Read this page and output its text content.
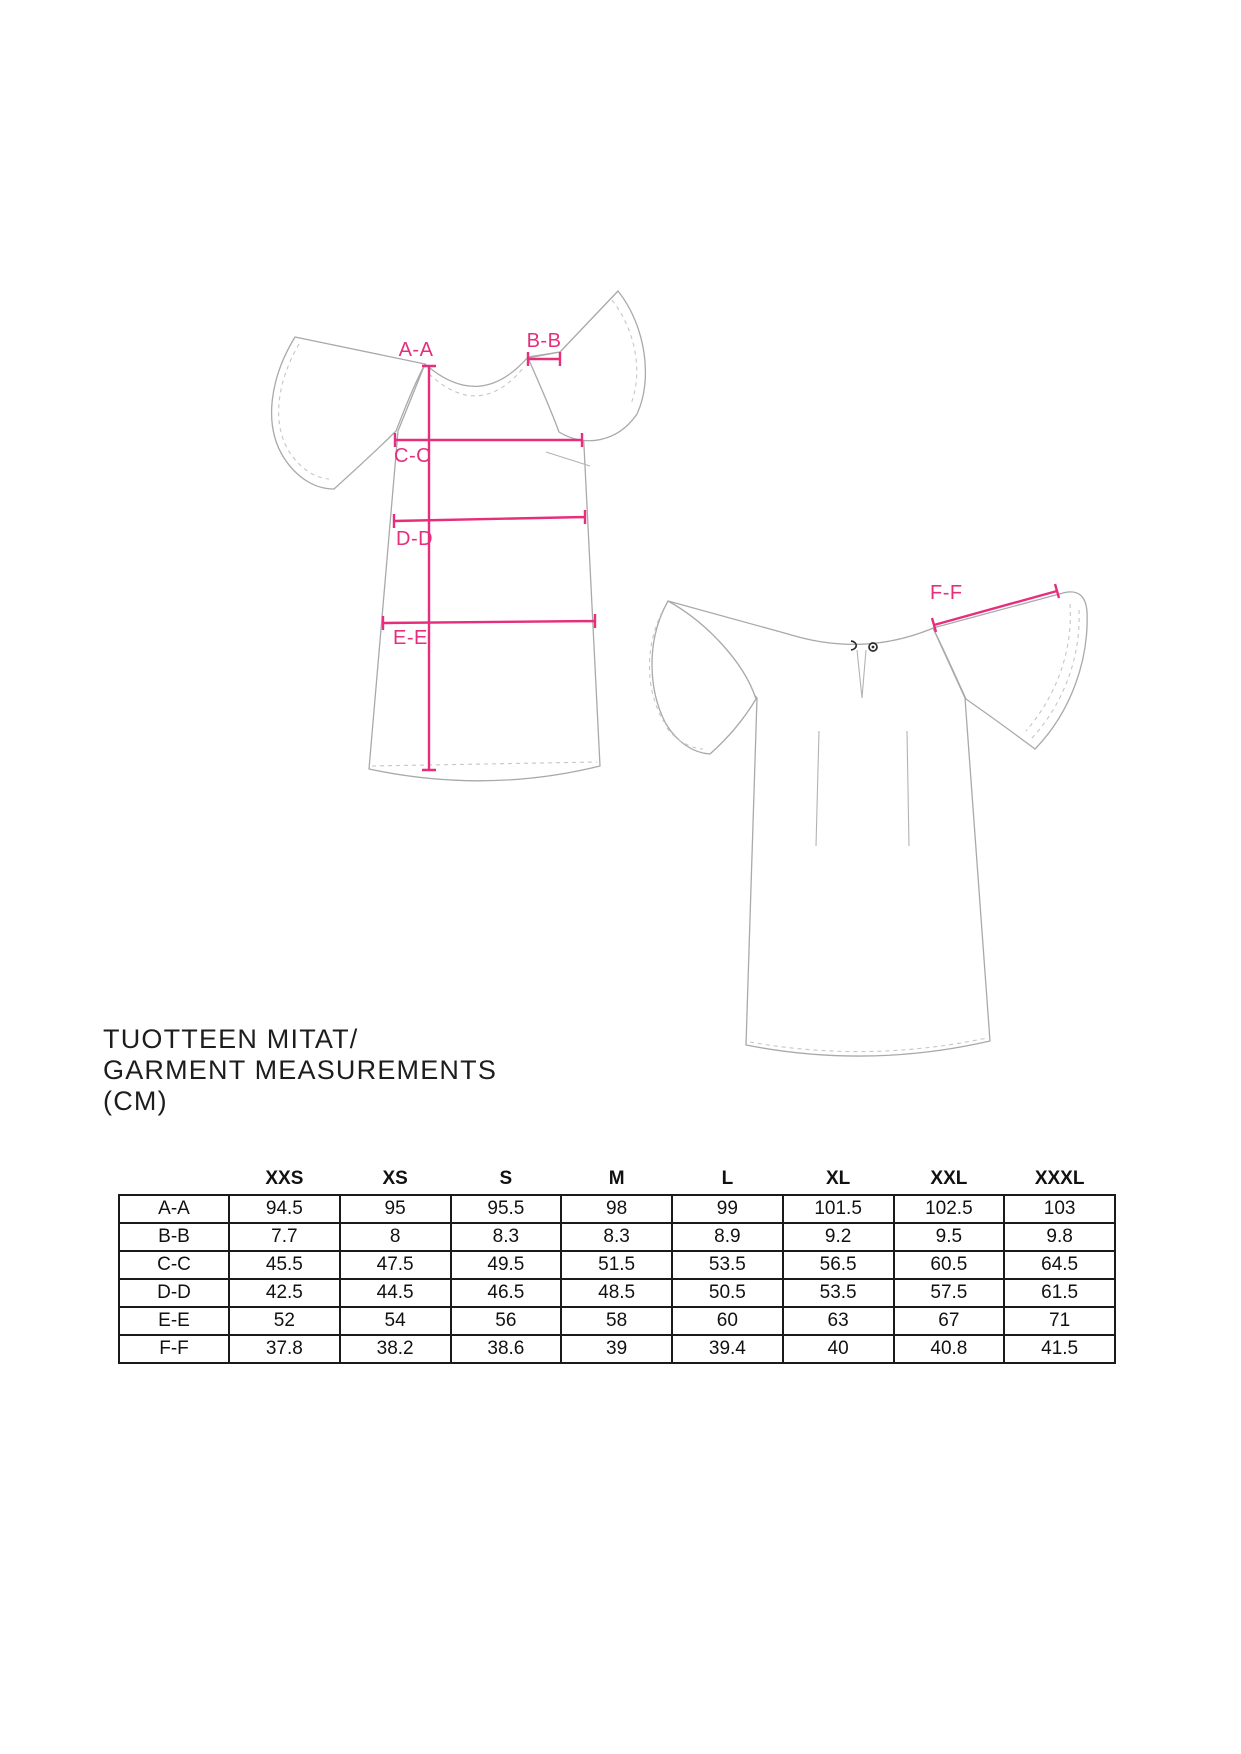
A-A	B-B
C-C
D-D
E-E
F-F
TUOTTEEN MITAT/
GARMENT MEASUREMENTS
(CM)
	XXS	XS	S	M	L	XL	XXL	XXXL
A-A	94.5	95	95.5	98	99	101.5	102.5	103
B-B	7.7	8	8.3	8.3	8.9	9.2	9.5	9.8
C-C	45.5	47.5	49.5	51.5	53.5	56.5	60.5	64.5
D-D	42.5	44.5	46.5	48.5	50.5	53.5	57.5	61.5
E-E	52	54	56	58	60	63	67	71
F-F	37.8	38.2	38.6	39	39.4	40	40.8	41.5
